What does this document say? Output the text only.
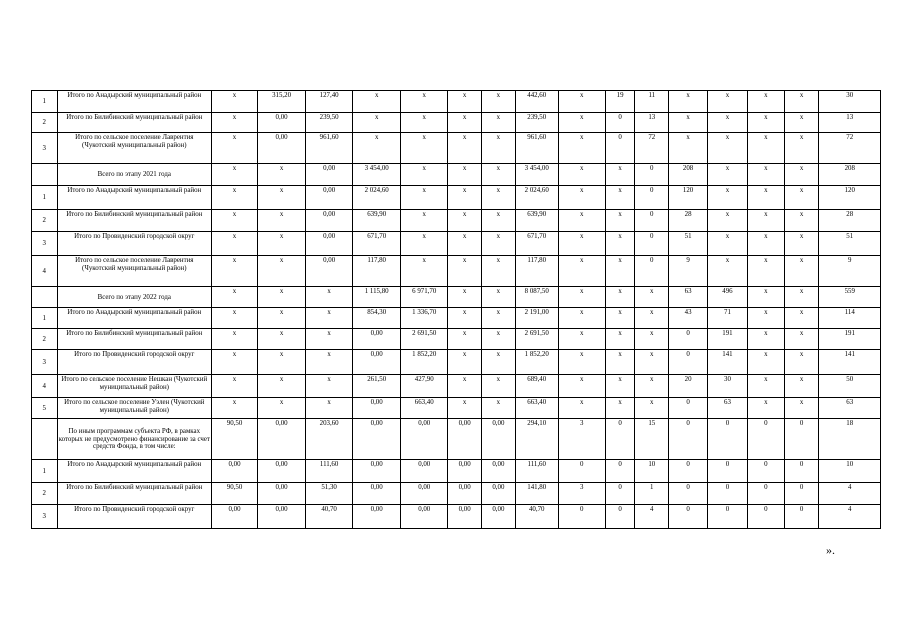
1	Итого по Анадырский муниципальный район	х	315,20	127,40	х	х	х	х	442,60	х	19	11	х	х	х	х	30
2	Итого по Билибинский муниципальный район	х	0,00	239,50	х	х	х	х	239,50	х	0	13	х	х	х	х	13
3	Итого по сельское поселение Лаврентия (Чукотский муниципальный район)	х	0,00	961,60	х	х	х	х	961,60	х	0	72	х	х	х	х	72
	Всего по этапу 2021 года	х	х	0,00	3 454,00	х	х	х	3 454,00	х	х	0	208	х	х	х	208
1	Итого по Анадырский муниципальный район	х	х	0,00	2 024,60	х	х	х	2 024,60	х	х	0	120	х	х	х	120
2	Итого по Билибинский муниципальный район	х	х	0,00	639,90	х	х	х	639,90	х	х	0	28	х	х	х	28
3	Итого по Провиденский городской округ	х	х	0,00	671,70	х	х	х	671,70	х	х	0	51	х	х	х	51
4	Итого по сельское поселение Лаврентия (Чукотский муниципальный район)	х	х	0,00	117,80	х	х	х	117,80	х	х	0	9	х	х	х	9
	Всего по этапу 2022 года	х	х	х	1 115,80	6 971,70	х	х	8 087,50	х	х	х	63	496	х	х	559
1	Итого по Анадырский муниципальный район	х	х	х	854,30	1 336,70	х	х	2 191,00	х	х	х	43	71	х	х	114
2	Итого по Билибинский муниципальный район	х	х	х	0,00	2 691,50	х	х	2 691,50	х	х	х	0	191	х	х	191
3	Итого по Провиденский городской округ	х	х	х	0,00	1 852,20	х	х	1 852,20	х	х	х	0	141	х	х	141
4	Итого по сельское поселение Нешкан (Чукотский муниципальный район)	х	х	х	261,50	427,90	х	х	689,40	х	х	х	20	30	х	х	50
5	Итого по сельское поселение Уэлен (Чукотский муниципальный район)	х	х	х	0,00	663,40	х	х	663,40	х	х	х	0	63	х	х	63
	По иным программам субъекта РФ, в рамках которых не предусмотрено финансирование за счет средств Фонда, в том числе:	90,50	0,00	203,60	0,00	0,00	0,00	0,00	294,10	3	0	15	0	0	0	0	18
1	Итого по Анадырский муниципальный район	0,00	0,00	111,60	0,00	0,00	0,00	0,00	111,60	0	0	10	0	0	0	0	10
2	Итого по Билибинский муниципальный район	90,50	0,00	51,30	0,00	0,00	0,00	0,00	141,80	3	0	1	0	0	0	0	4
3	Итого по Провиденский городской округ	0,00	0,00	40,70	0,00	0,00	0,00	0,00	40,70	0	0	4	0	0	0	0	4
».
